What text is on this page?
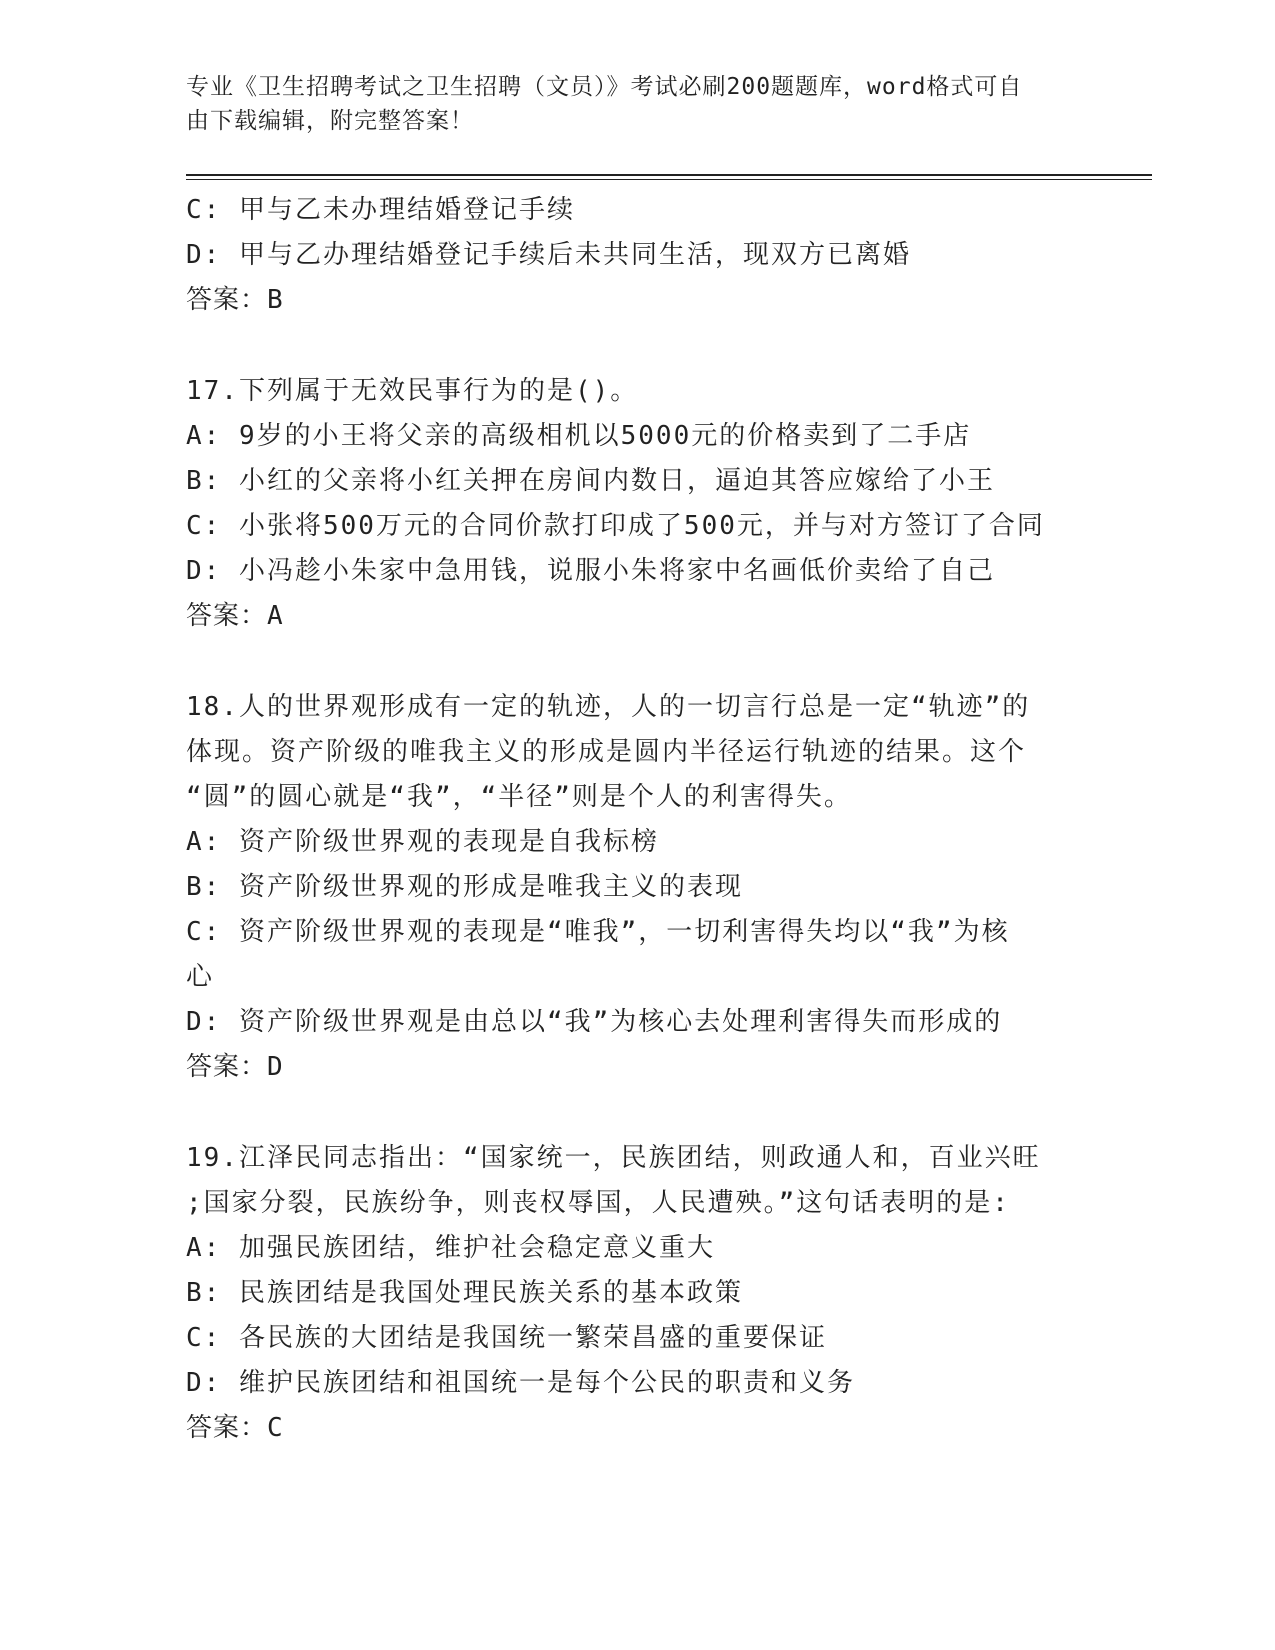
专业《卫生招聘考试之卫生招聘（文员）》考试必刷200题题库，word格式可自
由下载编辑，附完整答案！
C: 甲与乙未办理结婚登记手续
D: 甲与乙办理结婚登记手续后未共同生活，现双方已离婚
答案：B
17.下列属于无效民事行为的是()。
A: 9岁的小王将父亲的高级相机以5000元的价格卖到了二手店
B: 小红的父亲将小红关押在房间内数日，逼迫其答应嫁给了小王
C: 小张将500万元的合同价款打印成了500元，并与对方签订了合同
D: 小冯趁小朱家中急用钱，说服小朱将家中名画低价卖给了自己
答案：A
18.人的世界观形成有一定的轨迹，人的一切言行总是一定“轨迹”的
体现。资产阶级的唯我主义的形成是圆内半径运行轨迹的结果。这个
“圆”的圆心就是“我”，“半径”则是个人的利害得失。
A: 资产阶级世界观的表现是自我标榜
B: 资产阶级世界观的形成是唯我主义的表现
C: 资产阶级世界观的表现是“唯我”，一切利害得失均以“我”为核
心
D: 资产阶级世界观是由总以“我”为核心去处理利害得失而形成的
答案：D
19.江泽民同志指出：“国家统一，民族团结，则政通人和，百业兴旺
;国家分裂，民族纷争，则丧权辱国，人民遭殃。”这句话表明的是:
A: 加强民族团结，维护社会稳定意义重大
B: 民族团结是我国处理民族关系的基本政策
C: 各民族的大团结是我国统一繁荣昌盛的重要保证
D: 维护民族团结和祖国统一是每个公民的职责和义务
答案：C
